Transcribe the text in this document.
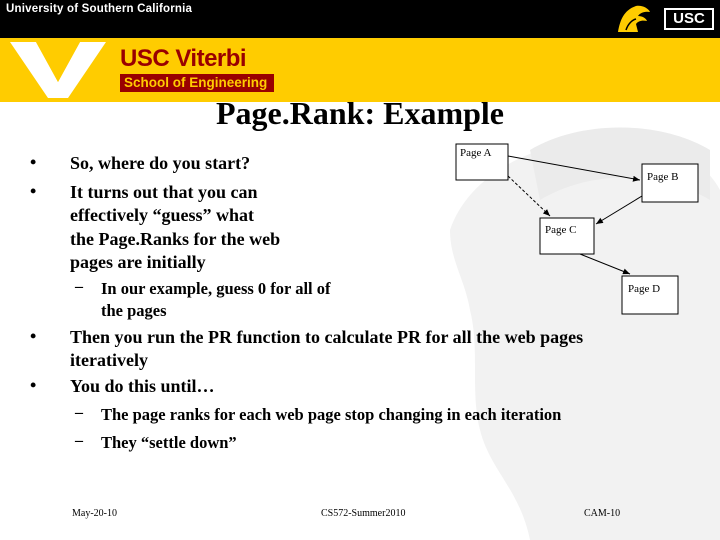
University of Southern California
USC
USC Viterbi
School of Engineering
Page.Rank: Example
Page A
Page B
Page C
Page D
• So, where do you start?
• It turns out that you can
effectively “guess” what
the Page.Ranks for the web
pages are initially
– In our example, guess 0 for all of
the pages
• Then you run the PR function to calculate PR for all the web pages
iteratively
• You do this until…
– The page ranks for each web page stop changing in each iteration
– They “settle down”
May-20-10	CS572-Summer2010	CAM-10
